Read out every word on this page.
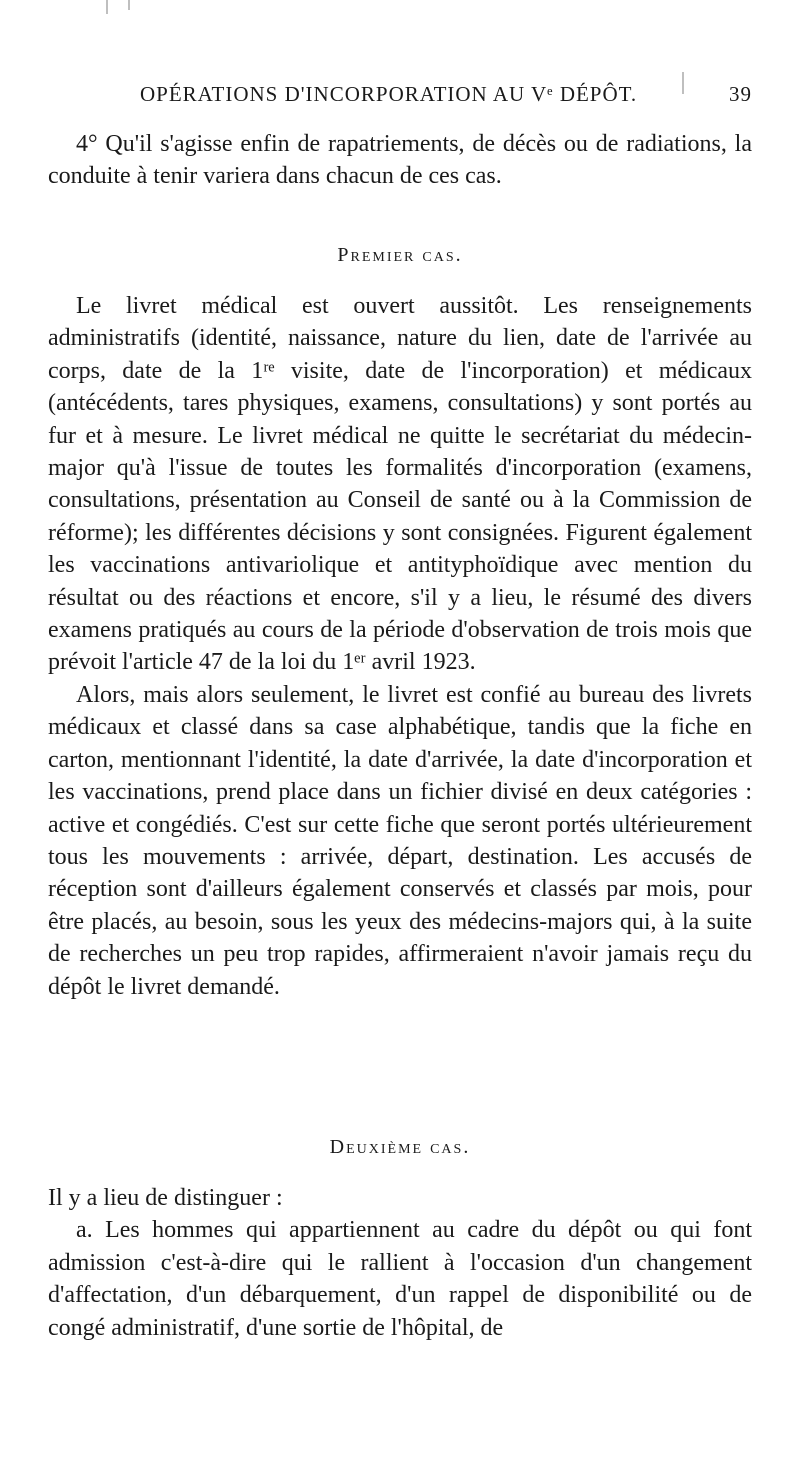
OPÉRATIONS D'INCORPORATION AU Vᵉ DÉPÔT.	39

4° Qu'il s'agisse enfin de rapatriements, de décès ou de radiations, la conduite à tenir variera dans chacun de ces cas.

Premier cas.

Le livret médical est ouvert aussitôt. Les renseignements administratifs (identité, naissance, nature du lien, date de l'arrivée au corps, date de la 1ʳᵉ visite, date de l'incorporation) et médicaux (antécédents, tares physiques, examens, consultations) y sont portés au fur et à mesure. Le livret médical ne quitte le secrétariat du médecin-major qu'à l'issue de toutes les formalités d'incorporation (examens, consultations, présentation au Conseil de santé ou à la Commission de réforme); les différentes décisions y sont consignées. Figurent également les vaccinations antivariolique et antityphoïdique avec mention du résultat ou des réactions et encore, s'il y a lieu, le résumé des divers examens pratiqués au cours de la période d'observation de trois mois que prévoit l'article 47 de la loi du 1ᵉʳ avril 1923.

Alors, mais alors seulement, le livret est confié au bureau des livrets médicaux et classé dans sa case alphabétique, tandis que la fiche en carton, mentionnant l'identité, la date d'arrivée, la date d'incorporation et les vaccinations, prend place dans un fichier divisé en deux catégories : active et congédiés. C'est sur cette fiche que seront portés ultérieurement tous les mouvements : arrivée, départ, destination. Les accusés de réception sont d'ailleurs également conservés et classés par mois, pour être placés, au besoin, sous les yeux des médecins-majors qui, à la suite de recherches un peu trop rapides, affirmeraient n'avoir jamais reçu du dépôt le livret demandé.

Deuxième cas.

Il y a lieu de distinguer :

a. Les hommes qui appartiennent au cadre du dépôt ou qui font admission c'est-à-dire qui le rallient à l'occasion d'un changement d'affectation, d'un débarquement, d'un rappel de disponibilité ou de congé administratif, d'une sortie de l'hôpital, de
